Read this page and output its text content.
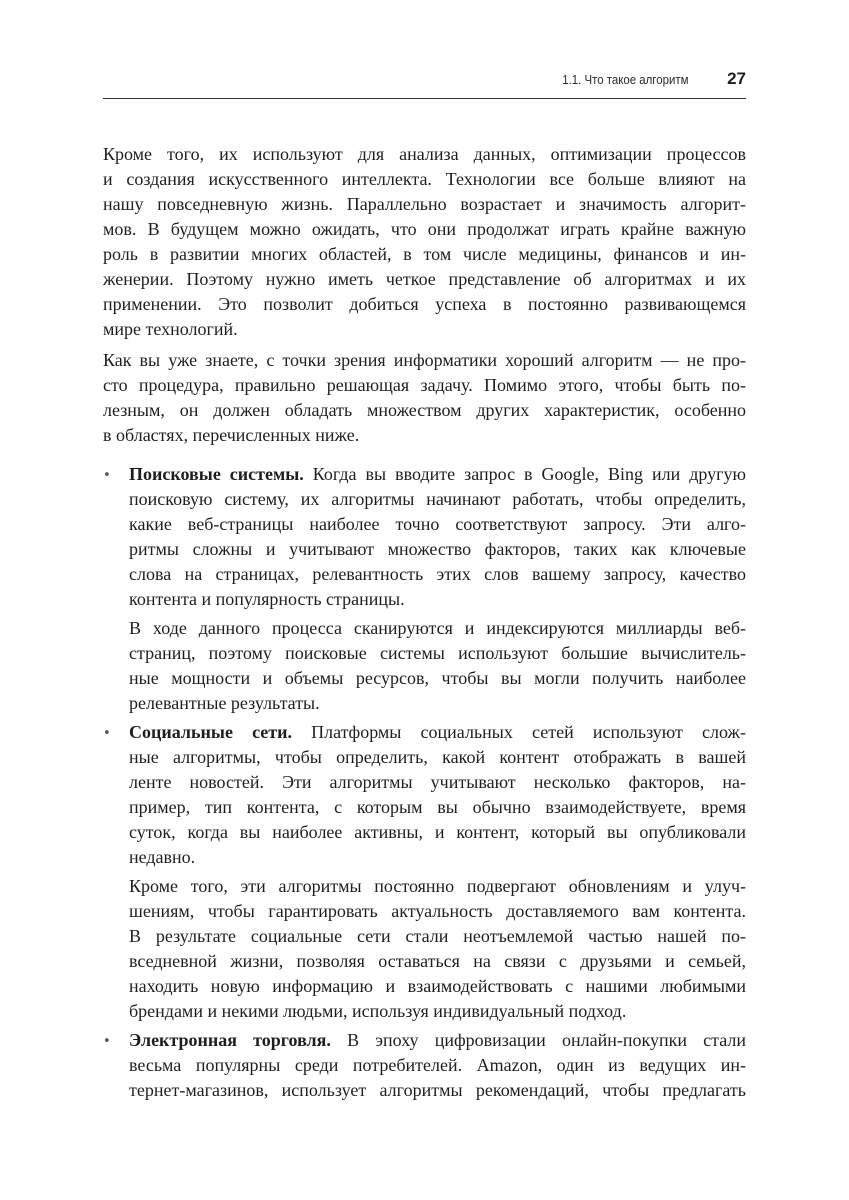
1.1. Что такое алгоритм 27
Кроме того, их используют для анализа данных, оптимизации процессов
и создания искусственного интеллекта. Технологии все больше влияют на
нашу повседневную жизнь. Параллельно возрастает и значимость алгорит-
мов. В будущем можно ожидать, что они продолжат играть крайне важную
роль в развитии многих областей, в том числе медицины, финансов и ин-
женерии. Поэтому нужно иметь четкое представление об алгоритмах и их
применении. Это позволит добиться успеха в постоянно развивающемся
мире технологий.
Как вы уже знаете, с точки зрения информатики хороший алгоритм — не про-
сто процедура, правильно решающая задачу. Помимо этого, чтобы быть по-
лезным, он должен обладать множеством других характеристик, особенно
в областях, перечисленных ниже.
• Поисковые системы. Когда вы вводите запрос в Google, Bing или другую
поисковую систему, их алгоритмы начинают работать, чтобы определить,
какие веб-страницы наиболее точно соответствуют запросу. Эти алго-
ритмы сложны и учитывают множество факторов, таких как ключевые
слова на страницах, релевантность этих слов вашему запросу, качество
контента и популярность страницы.
В ходе данного процесса сканируются и индексируются миллиарды веб-
страниц, поэтому поисковые системы используют большие вычислитель-
ные мощности и объемы ресурсов, чтобы вы могли получить наиболее
релевантные результаты.
• Социальные сети. Платформы социальных сетей используют слож-
ные алгоритмы, чтобы определить, какой контент отображать в вашей
ленте новостей. Эти алгоритмы учитывают несколько факторов, на-
пример, тип контента, с которым вы обычно взаимодействуете, время
суток, когда вы наиболее активны, и контент, который вы опубликовали
недавно.
Кроме того, эти алгоритмы постоянно подвергают обновлениям и улуч-
шениям, чтобы гарантировать актуальность доставляемого вам контента.
В результате социальные сети стали неотъемлемой частью нашей по-
вседневной жизни, позволяя оставаться на связи с друзьями и семьей,
находить новую информацию и взаимодействовать с нашими любимыми
брендами и некими людьми, используя индивидуальный подход.
• Электронная торговля. В эпоху цифровизации онлайн-покупки стали
весьма популярны среди потребителей. Amazon, один из ведущих ин-
тернет-магазинов, использует алгоритмы рекомендаций, чтобы предлагать
